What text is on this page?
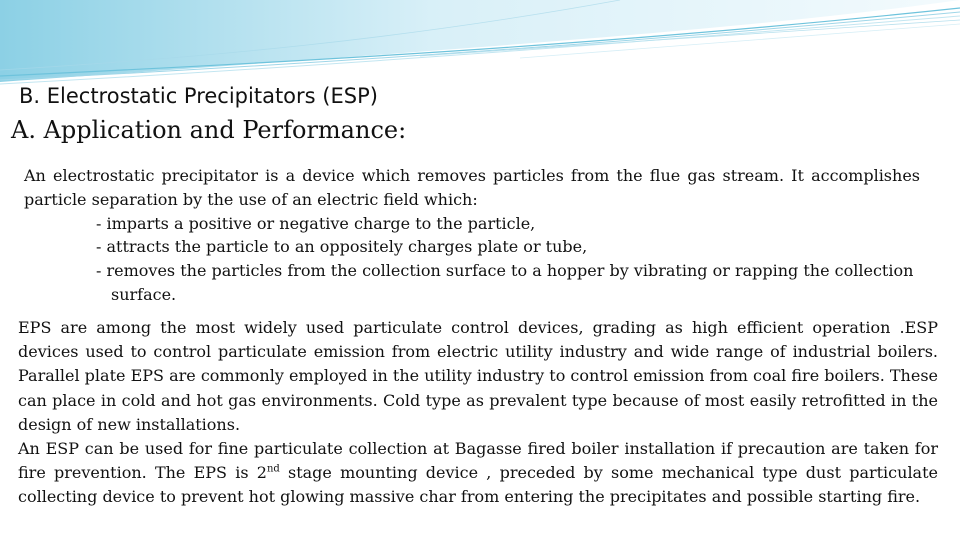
B. Electrostatic Precipitators (ESP)
A. Application and Performance:

An electrostatic precipitator is a device which removes particles from the flue gas stream. It accomplishes particle separation by the use of an electric field which:

- imparts a positive or negative charge to the particle,
- attracts the particle to an oppositely charges plate or tube,
- removes the particles from the collection surface to a hopper by vibrating or rapping the collection surface.

EPS are among the most widely used particulate control devices, grading as high efficient operation .ESP devices used to control particulate emission from electric utility industry and wide range of industrial boilers. Parallel plate EPS are commonly employed in the utility industry to control emission from coal fire boilers. These can place in cold and hot gas environments. Cold type as prevalent type because of most easily retrofitted in the design of new installations.

An ESP can be used for fine particulate collection at Bagasse fired boiler installation if precaution are taken for fire prevention. The EPS is 2nd stage mounting device , preceded by some mechanical type dust particulate collecting device to prevent hot glowing massive char from entering the precipitates and possible starting fire.
